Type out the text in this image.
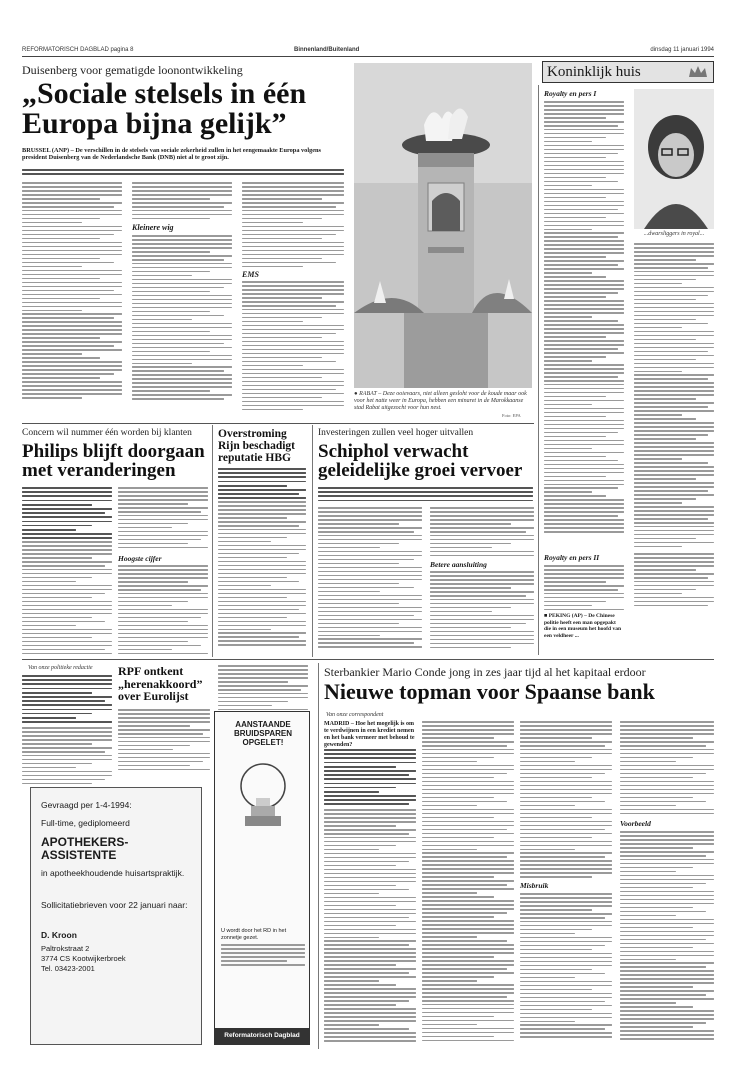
REFORMATORISCH DAGBLAD pagina 8	Binnenland/Buitenland	dinsdag 11 januari 1994
Duisenberg voor gematigde loonontwikkeling
„Sociale stelsels in één Europa bijna gelijk”
BRUSSEL (ANP) – De verschillen in de stelsels van sociale zekerheid zullen in het eengemaakte Europa volgens president Duisenberg van de Nederlandsche Bank (DNB) niet al te groot zijn.
Kleinere wig
EMS
● RABAT – Deze ooievaars, niet alleen gesloht voor de koude maar ook voor het natte weer in Europa, hebben een minaret in de Marokkaanse stad Rabat uitgezocht voor hun nest.
Foto: EPA
Koninklijk huis
Royalty en pers I
...dwarsliggers in royal...
Royalty en pers II
■ PEKING (AP) – De Chinese politie heeft een man opgepakt die in een museum het hoofd van een veldheer ...
Concern wil nummer één worden bij klanten
Philips blijft doorgaan met veranderingen
Hoogste cijfer
Overstroming Rijn beschadigt reputatie HBG
Investeringen zullen veel hoger uitvallen
Schiphol verwacht geleidelijke groei vervoer
Betere aansluiting
Van onze politieke redactie RPF ontkent „herenakkoord” over Eurolijst
Gevraagd per 1-4-1994:
Full-time, gediplomeerd
APOTHEKERS-ASSISTENTE
in apotheekhoudende huisartspraktijk.
Sollicitatiebrieven voor 22 januari naar:
D. Kroon
Paltrokstraat 2
3774 CS Kootwijkerbroek
Tel. 03423-2001
AANSTAANDE BRUIDSPAREN OPGELET!
U wordt door het RD in het zonnetje gezet.
Reformatorisch Dagblad
Sterbankier Mario Conde jong in zes jaar tijd al het kapitaal erdoor
Nieuwe topman voor Spaanse bank
Van onze correspondent
MADRID – Hoe het mogelijk is om te verdwijnen in een krediet nemen en het bank vermeer met behoud te gewenden?
Misbruik
Voorbeeld
